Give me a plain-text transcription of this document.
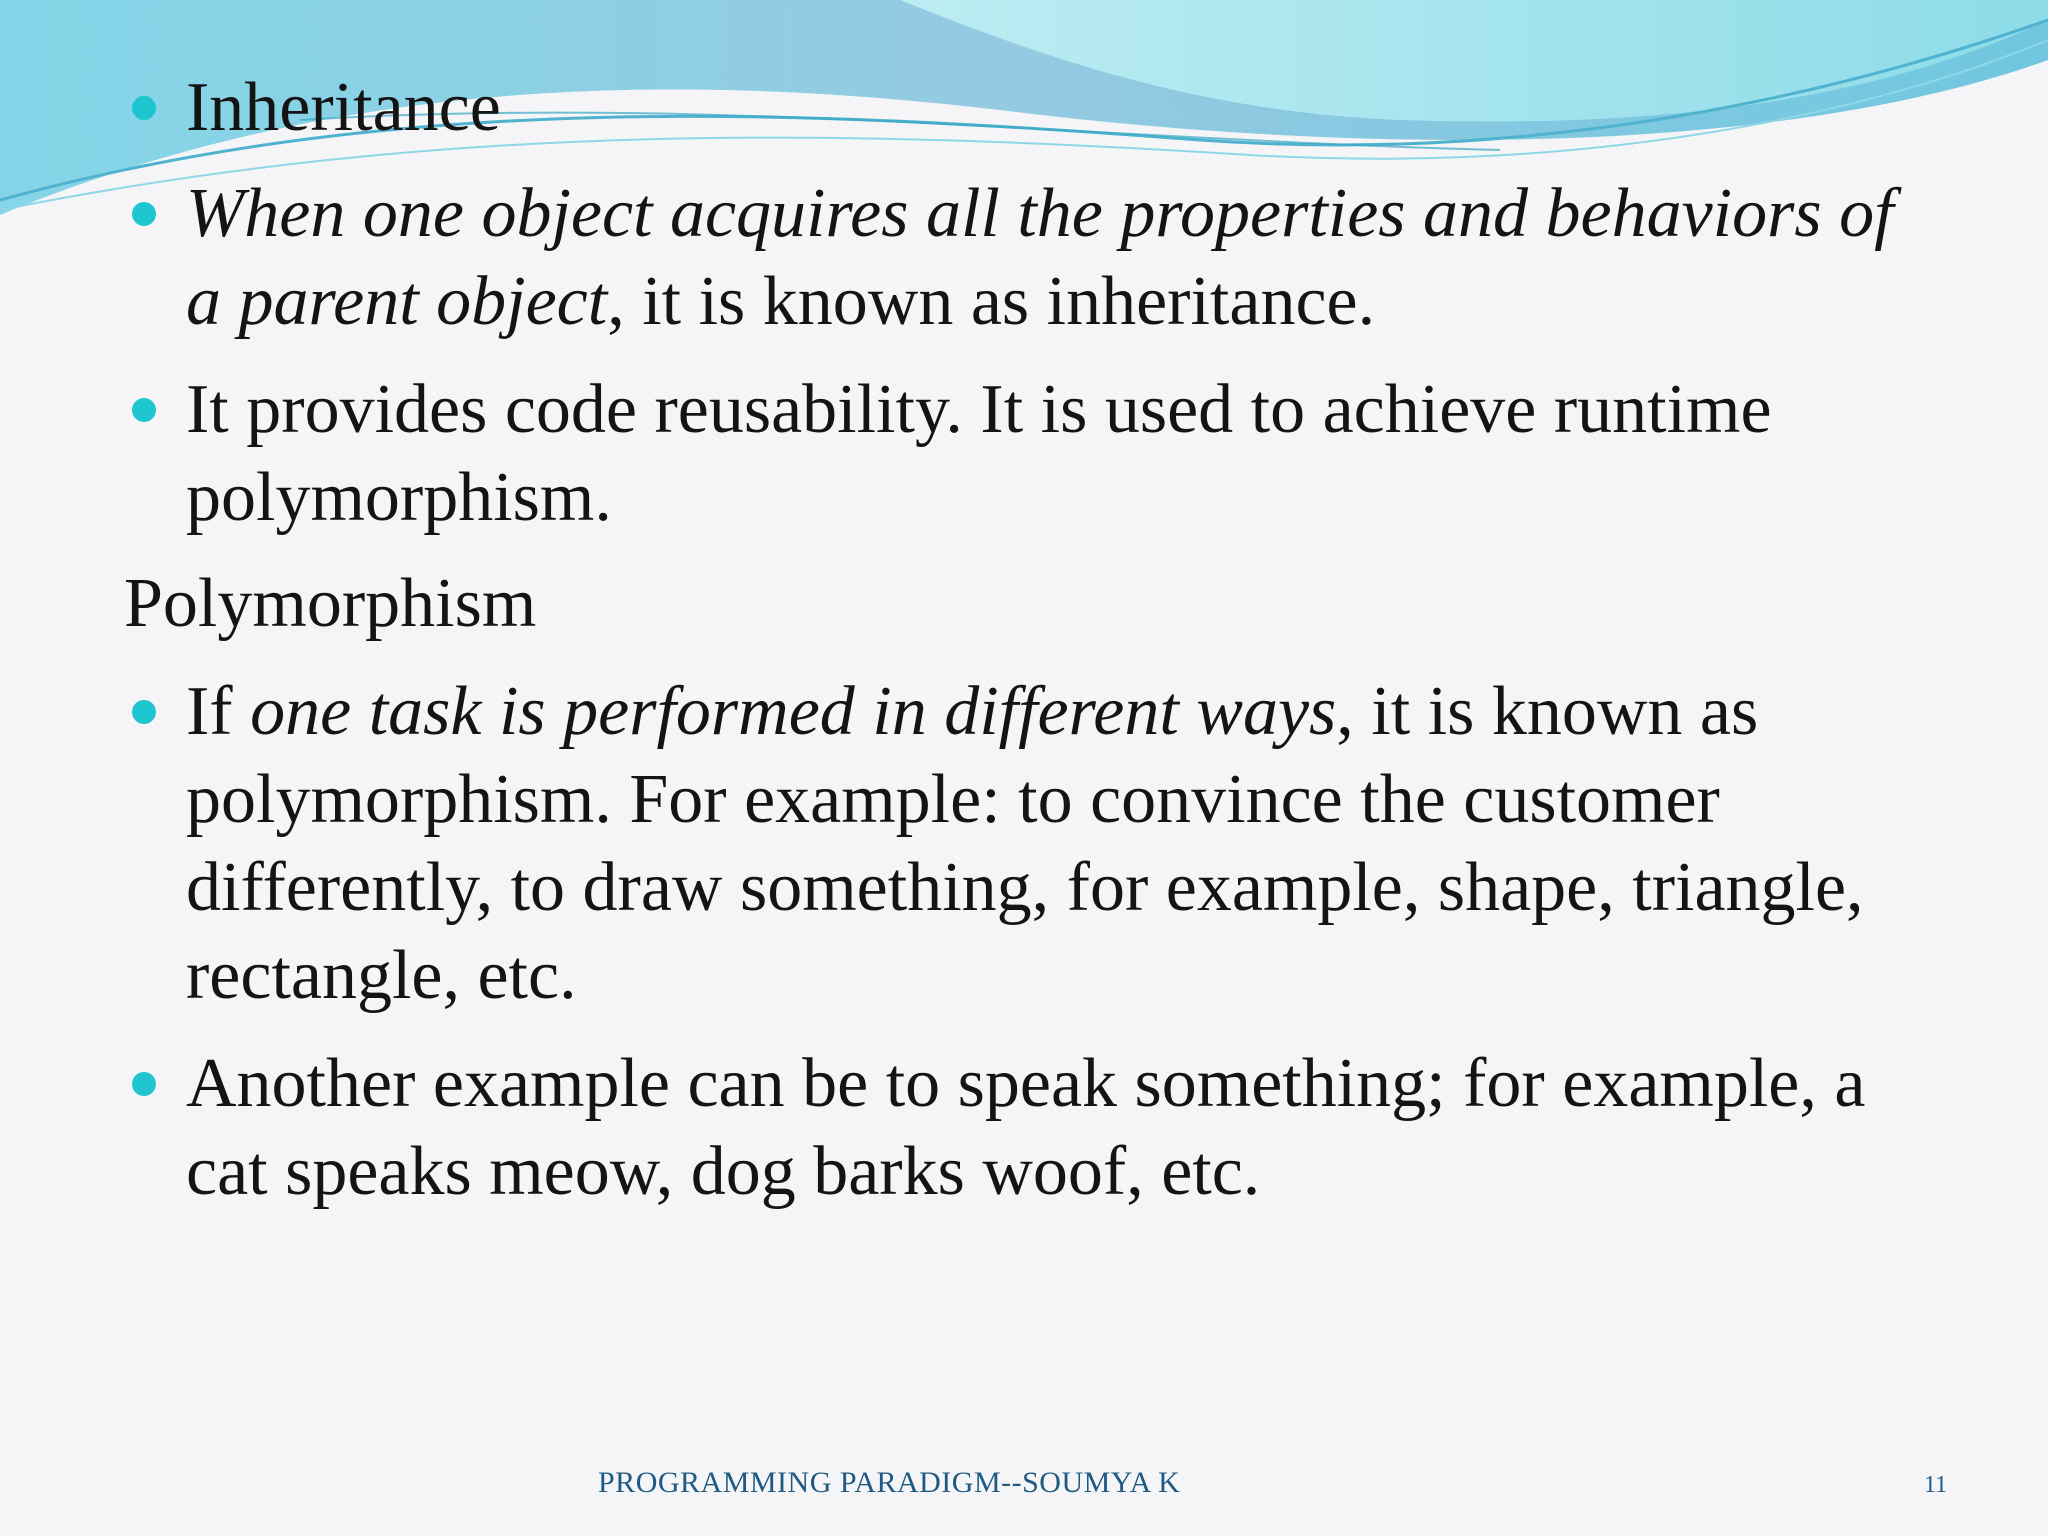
Inheritance

When one object acquires all the properties and behaviors of a parent object, it is known as inheritance.

It provides code reusability. It is used to achieve runtime polymorphism.

Polymorphism

If one task is performed in different ways, it is known as polymorphism. For example: to convince the customer differently, to draw something, for example, shape, triangle, rectangle, etc.

Another example can be to speak something; for example, a cat speaks meow, dog barks woof, etc.

PROGRAMMING PARADIGM--SOUMYA K	11
